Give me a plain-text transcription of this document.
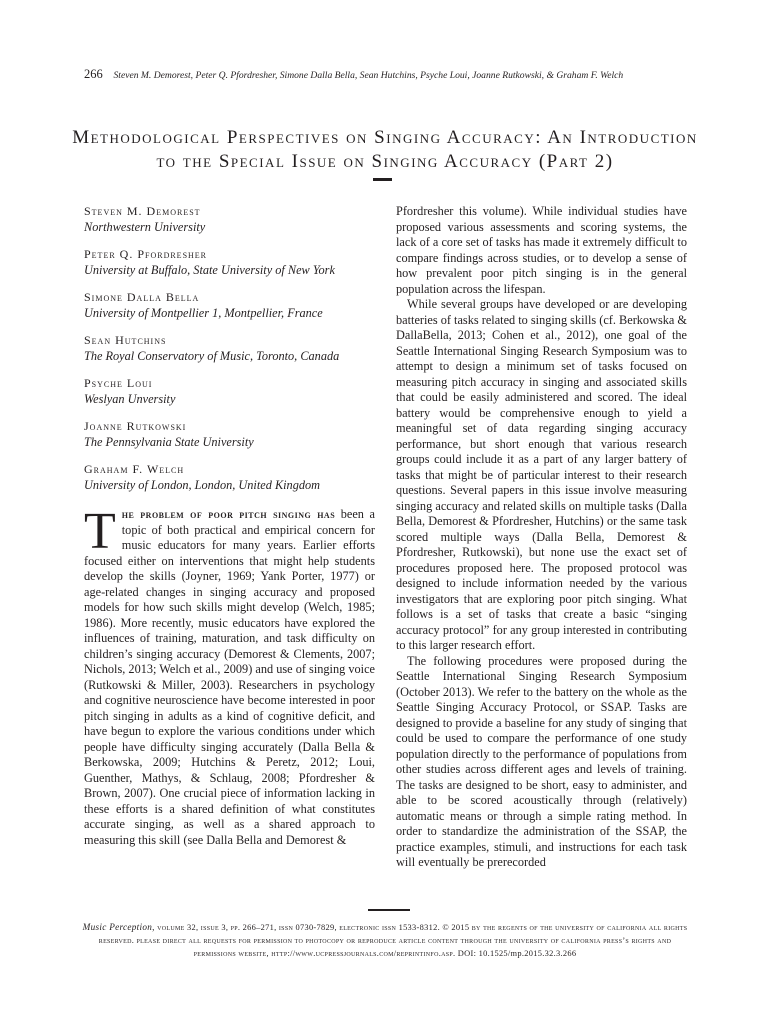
266 Steven M. Demorest, Peter Q. Pfordresher, Simone Dalla Bella, Sean Hutchins, Psyche Loui, Joanne Rutkowski, & Graham F. Welch
Methodological Perspectives on Singing Accuracy: An Introduction
to the Special Issue on Singing Accuracy (Part 2)
Steven M. Demorest
Northwestern University
Peter Q. Pfordresher
University at Buffalo, State University of New York
Simone Dalla Bella
University of Montpellier 1, Montpellier, France
Sean Hutchins
The Royal Conservatory of Music, Toronto, Canada
Psyche Loui
Weslyan Unversity
Joanne Rutkowski
The Pennsylvania State University
Graham F. Welch
University of London, London, United Kingdom
The problem of poor pitch singing has been a topic of both practical and empirical concern for music educators for many years. Earlier efforts focused either on interventions that might help students develop the skills (Joyner, 1969; Yank Porter, 1977) or age-related changes in singing accuracy and proposed models for how such skills might develop (Welch, 1985; 1986). More recently, music educators have explored the influences of training, maturation, and task difficulty on children’s singing accuracy (Demorest & Clements, 2007; Nichols, 2013; Welch et al., 2009) and use of singing voice (Rutkowski & Miller, 2003). Researchers in psychology and cognitive neuroscience have become interested in poor pitch singing in adults as a kind of cognitive deficit, and have begun to explore the various conditions under which people have difficulty singing accurately (Dalla Bella & Berkowska, 2009; Hutchins & Peretz, 2012; Loui, Guenther, Mathys, & Schlaug, 2008; Pfordresher & Brown, 2007). One crucial piece of information lacking in these efforts is a shared definition of what constitutes accurate singing, as well as a shared approach to measuring this skill (see Dalla Bella and Demorest &

Pfordresher this volume). While individual studies have proposed various assessments and scoring systems, the lack of a core set of tasks has made it extremely difficult to compare findings across studies, or to develop a sense of how prevalent poor pitch singing is in the general population across the lifespan.

While several groups have developed or are developing batteries of tasks related to singing skills (cf. Berkowska & DallaBella, 2013; Cohen et al., 2012), one goal of the Seattle International Singing Research Symposium was to attempt to design a minimum set of tasks focused on measuring pitch accuracy in singing and associated skills that could be easily administered and scored. The ideal battery would be comprehensive enough to yield a meaningful set of data regarding singing accuracy performance, but short enough that various research groups could include it as a part of any larger battery of tasks that might be of particular interest to their research questions. Several papers in this issue involve measuring singing accuracy and related skills on multiple tasks (Dalla Bella, Demorest & Pfordresher, Hutchins) or the same task scored multiple ways (Dalla Bella, Demorest & Pfordresher, Rutkowski), but none use the exact set of procedures proposed here. The proposed protocol was designed to include information needed by the various investigators that are exploring poor pitch singing. What follows is a set of tasks that create a basic “singing accuracy protocol” for any group interested in contributing to this larger research effort.

The following procedures were proposed during the Seattle International Singing Research Symposium (October 2013). We refer to the battery on the whole as the Seattle Singing Accuracy Protocol, or SSAP. Tasks are designed to provide a baseline for any study of singing that could be used to compare the performance of one study population directly to the performance of populations from other studies across different ages and levels of training. The tasks are designed to be short, easy to administer, and able to be scored acoustically through (relatively) automatic means or through a simple rating method. In order to standardize the administration of the SSAP, the practice examples, stimuli, and instructions for each task will eventually be prerecorded

Music Perception, volume 32, issue 3, pp. 266–271, issn 0730-7829, electronic issn 1533-8312. © 2015 by the regents of the university of california all rights reserved. please direct all requests for permission to photocopy or reproduce article content through the university of california press’s rights and permissions website, http://www.ucpressjournals.com/reprintinfo.asp. DOI: 10.1525/mp.2015.32.3.266
